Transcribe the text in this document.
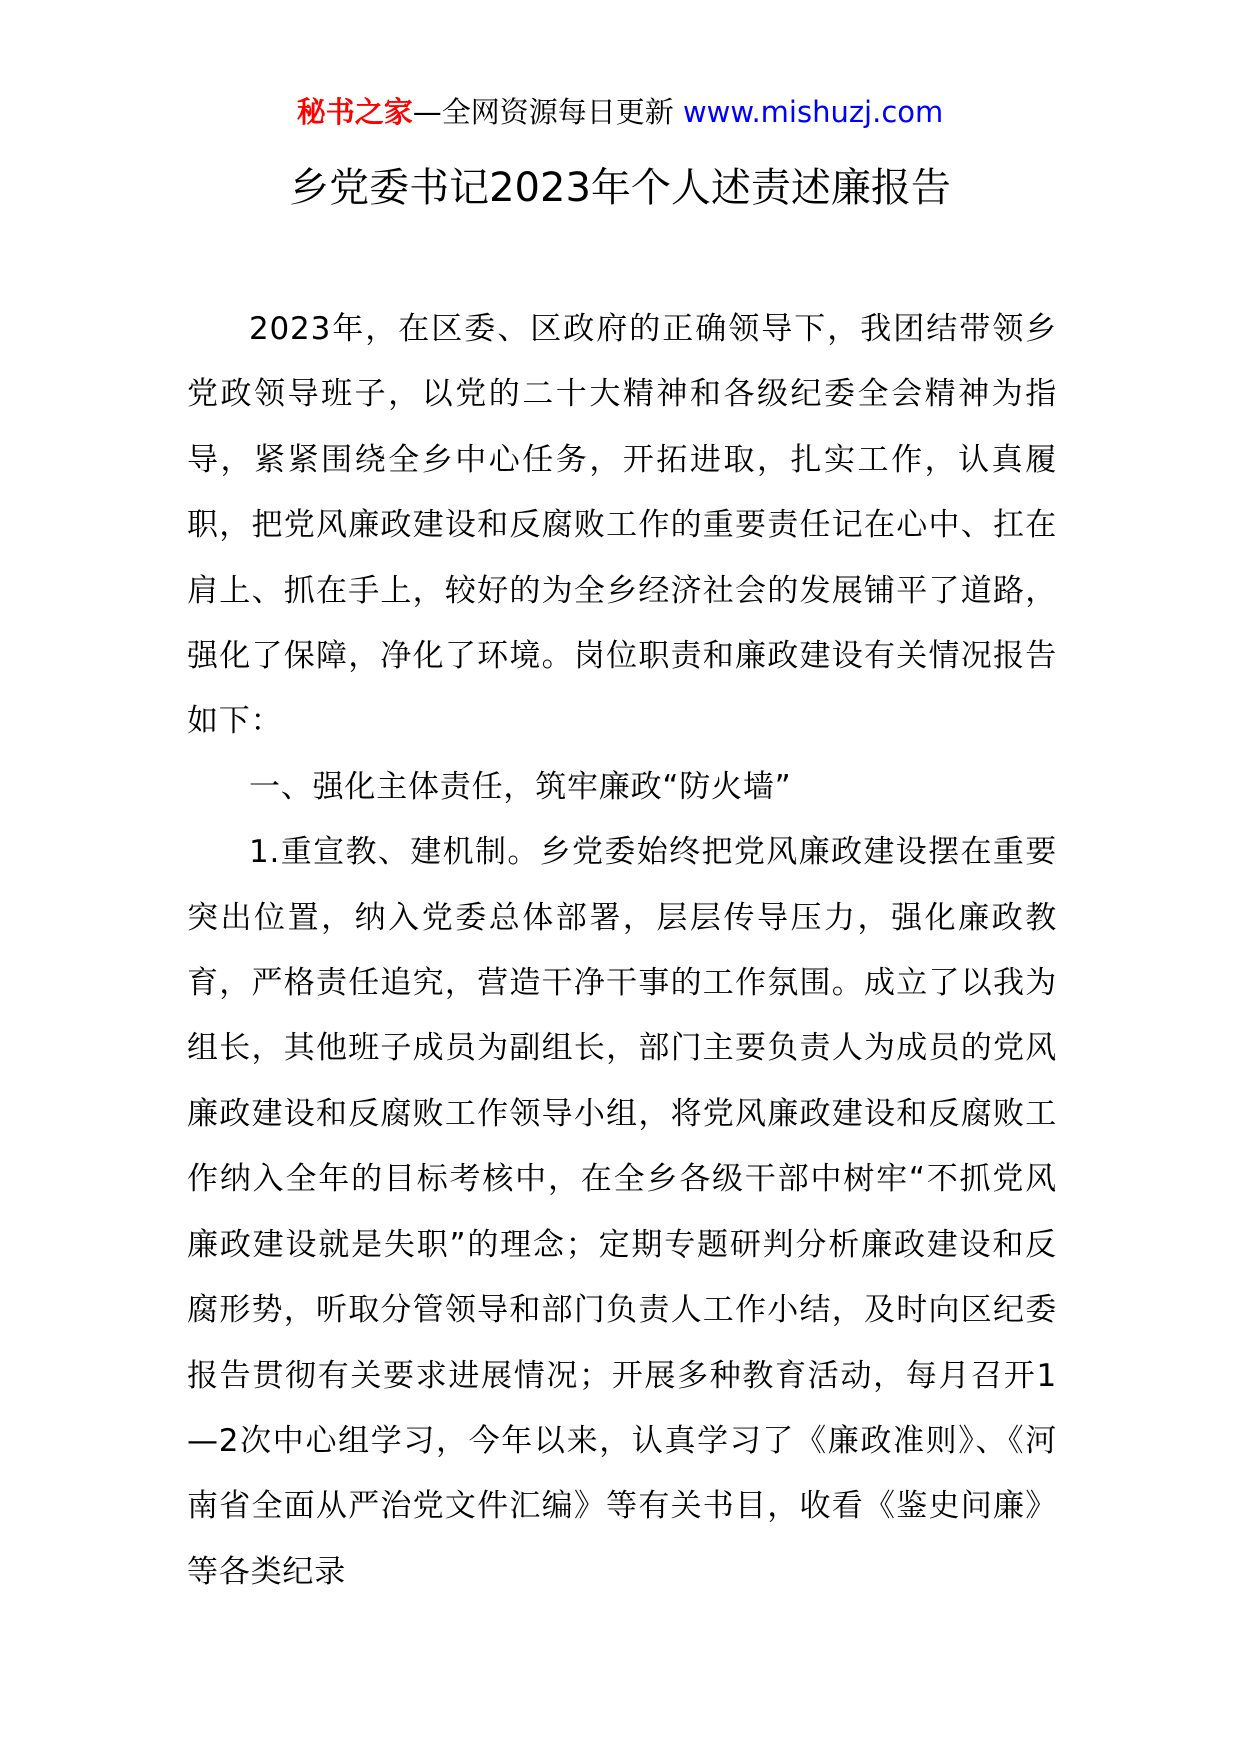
秘书之家—全网资源每日更新 www.mishuzj.com
乡党委书记2023年个人述责述廉报告

2023年，在区委、区政府的正确领导下，我团结带领乡党政领导班子，以党的二十大精神和各级纪委全会精神为指导，紧紧围绕全乡中心任务，开拓进取，扎实工作，认真履职，把党风廉政建设和反腐败工作的重要责任记在心中、扛在肩上、抓在手上，较好的为全乡经济社会的发展铺平了道路，强化了保障，净化了环境。岗位职责和廉政建设有关情况报告如下：

一、强化主体责任，筑牢廉政“防火墙”

1.重宣教、建机制。乡党委始终把党风廉政建设摆在重要突出位置，纳入党委总体部署，层层传导压力，强化廉政教育，严格责任追究，营造干净干事的工作氛围。成立了以我为组长，其他班子成员为副组长，部门主要负责人为成员的党风廉政建设和反腐败工作领导小组，将党风廉政建设和反腐败工作纳入全年的目标考核中，在全乡各级干部中树牢“不抓党风廉政建设就是失职”的理念；定期专题研判分析廉政建设和反腐形势，听取分管领导和部门负责人工作小结，及时向区纪委报告贯彻有关要求进展情况；开展多种教育活动，每月召开1—2次中心组学习，今年以来，认真学习了《廉政准则》、《河南省全面从严治党文件汇编》等有关书目，收看《鉴史问廉》等各类纪录
